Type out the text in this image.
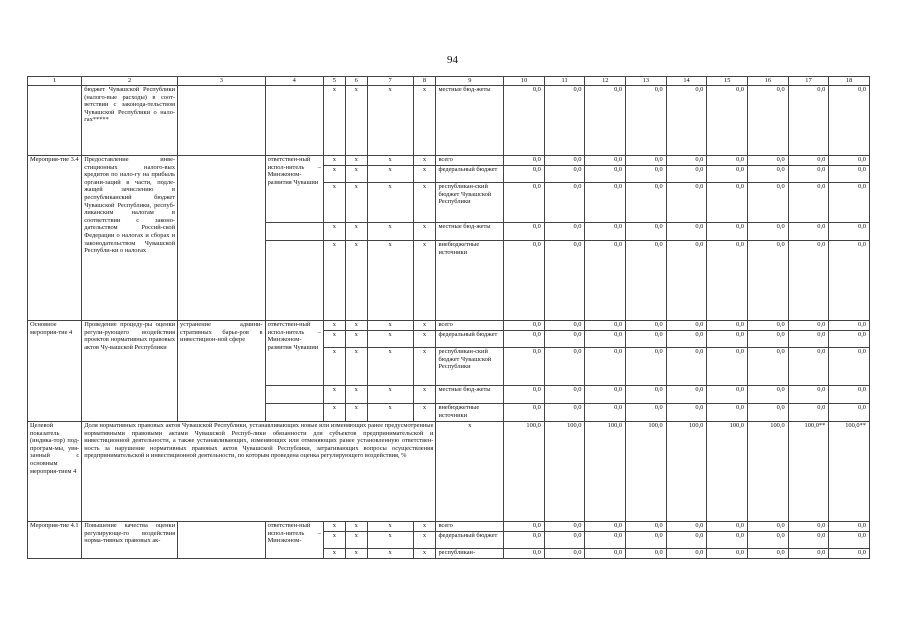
94
1	2	3	4	5	6	7	8	9	10	11	12	13	14	15	16	17	18
	бюджет Чувашской Республики (налого-вые расходы) в соот-ветствии с законода-тельством Чувашской Республики о нало-гах*****			x	x	x	x	местные бюд-жеты	0,0	0,0	0,0	0,0	0,0	0,0	0,0	0,0	0,0
Мероприя-тие 3.4	Предоставление инве-стиционных налого-вых кредитов по нало-гу на прибыль органи-заций в части, подле-жащей зачислению в республиканский бюджет Чувашской Республики, респуб-ликанским налогам в соответствии с законо-дательством Россий-ской Федерации о налогах и сборах и законодательством Чувашской Республи-ки о налогах		ответствен-ный испол-нитель – Минэконом-развития Чувашии	x	x	x	x	всего	0,0	0,0	0,0	0,0	0,0	0,0	0,0	0,0	0,0
				x	x	x	x	федеральный бюджет	0,0	0,0	0,0	0,0	0,0	0,0	0,0	0,0	0,0
				x	x	x	x	республикан-ский бюджет Чувашской Республики	0,0	0,0	0,0	0,0	0,0	0,0	0,0	0,0	0,0
				x	x	x	x	местные бюд-жеты	0,0	0,0	0,0	0,0	0,0	0,0	0,0	0,0	0,0
				x	x	x	x	внебюджетные источники	0,0	0,0	0,0	0,0	0,0	0,0	0,0	0,0	0,0
Основное мероприя-тие 4	Проведение процеду-ры оценки регули-рующего воздействия проектов нормативных правовых актов Чу-вашской Республики	устранение админи-стративных барье-ров в инвестицион-ной сфере	ответствен-ный испол-нитель – Минэконом-развития Чувашии	x	x	x	x	всего	0,0	0,0	0,0	0,0	0,0	0,0	0,0	0,0	0,0
				x	x	x	x	федеральный бюджет	0,0	0,0	0,0	0,0	0,0	0,0	0,0	0,0	0,0
				x	x	x	x	республикан-ский бюджет Чувашской Республики	0,0	0,0	0,0	0,0	0,0	0,0	0,0	0,0	0,0
				x	x	x	x	местные бюд-жеты	0,0	0,0	0,0	0,0	0,0	0,0	0,0	0,0	0,0
				x	x	x	x	внебюджетные источники	0,0	0,0	0,0	0,0	0,0	0,0	0,0	0,0	0,0
Целевой показатель (индика-тор) под-програм-мы, увя-занный с основным мероприя-тием 4	Доля нормативных правовых актов Чувашской Республики, устанавливающих новые или изменяющих ранее предусмотренные нормативными правовыми актами Чувашской Респуб-лики обязанности для субъектов предпринимательской и инвестиционной деятельности, а также устанавливающих, изменяющих или отменяющих ранее установленную ответствен-ность за нарушение нормативных правовых актов Чувашской Республики, затрагивающих вопросы осуществления предпринимательской и инвестиционной деятельности, по которым проведена оценка регулирующего воздействия, %							x	100,0	100,0	100,0	100,0	100,0	100,0	100,0	100,0**	100,0**
Мероприя-тие 4.1	Повышение качества оценки регулирующе-го воздействия норма-тивных правовых ак-		ответствен-ный испол-нитель – Минэконом-	x	x	x	x	всего	0,0	0,0	0,0	0,0	0,0	0,0	0,0	0,0	0,0
				x	x	x	x	федеральный бюджет	0,0	0,0	0,0	0,0	0,0	0,0	0,0	0,0	0,0
				x	x	x	x	республикан-	0,0	0,0	0,0	0,0	0,0	0,0	0,0	0,0	0,0
